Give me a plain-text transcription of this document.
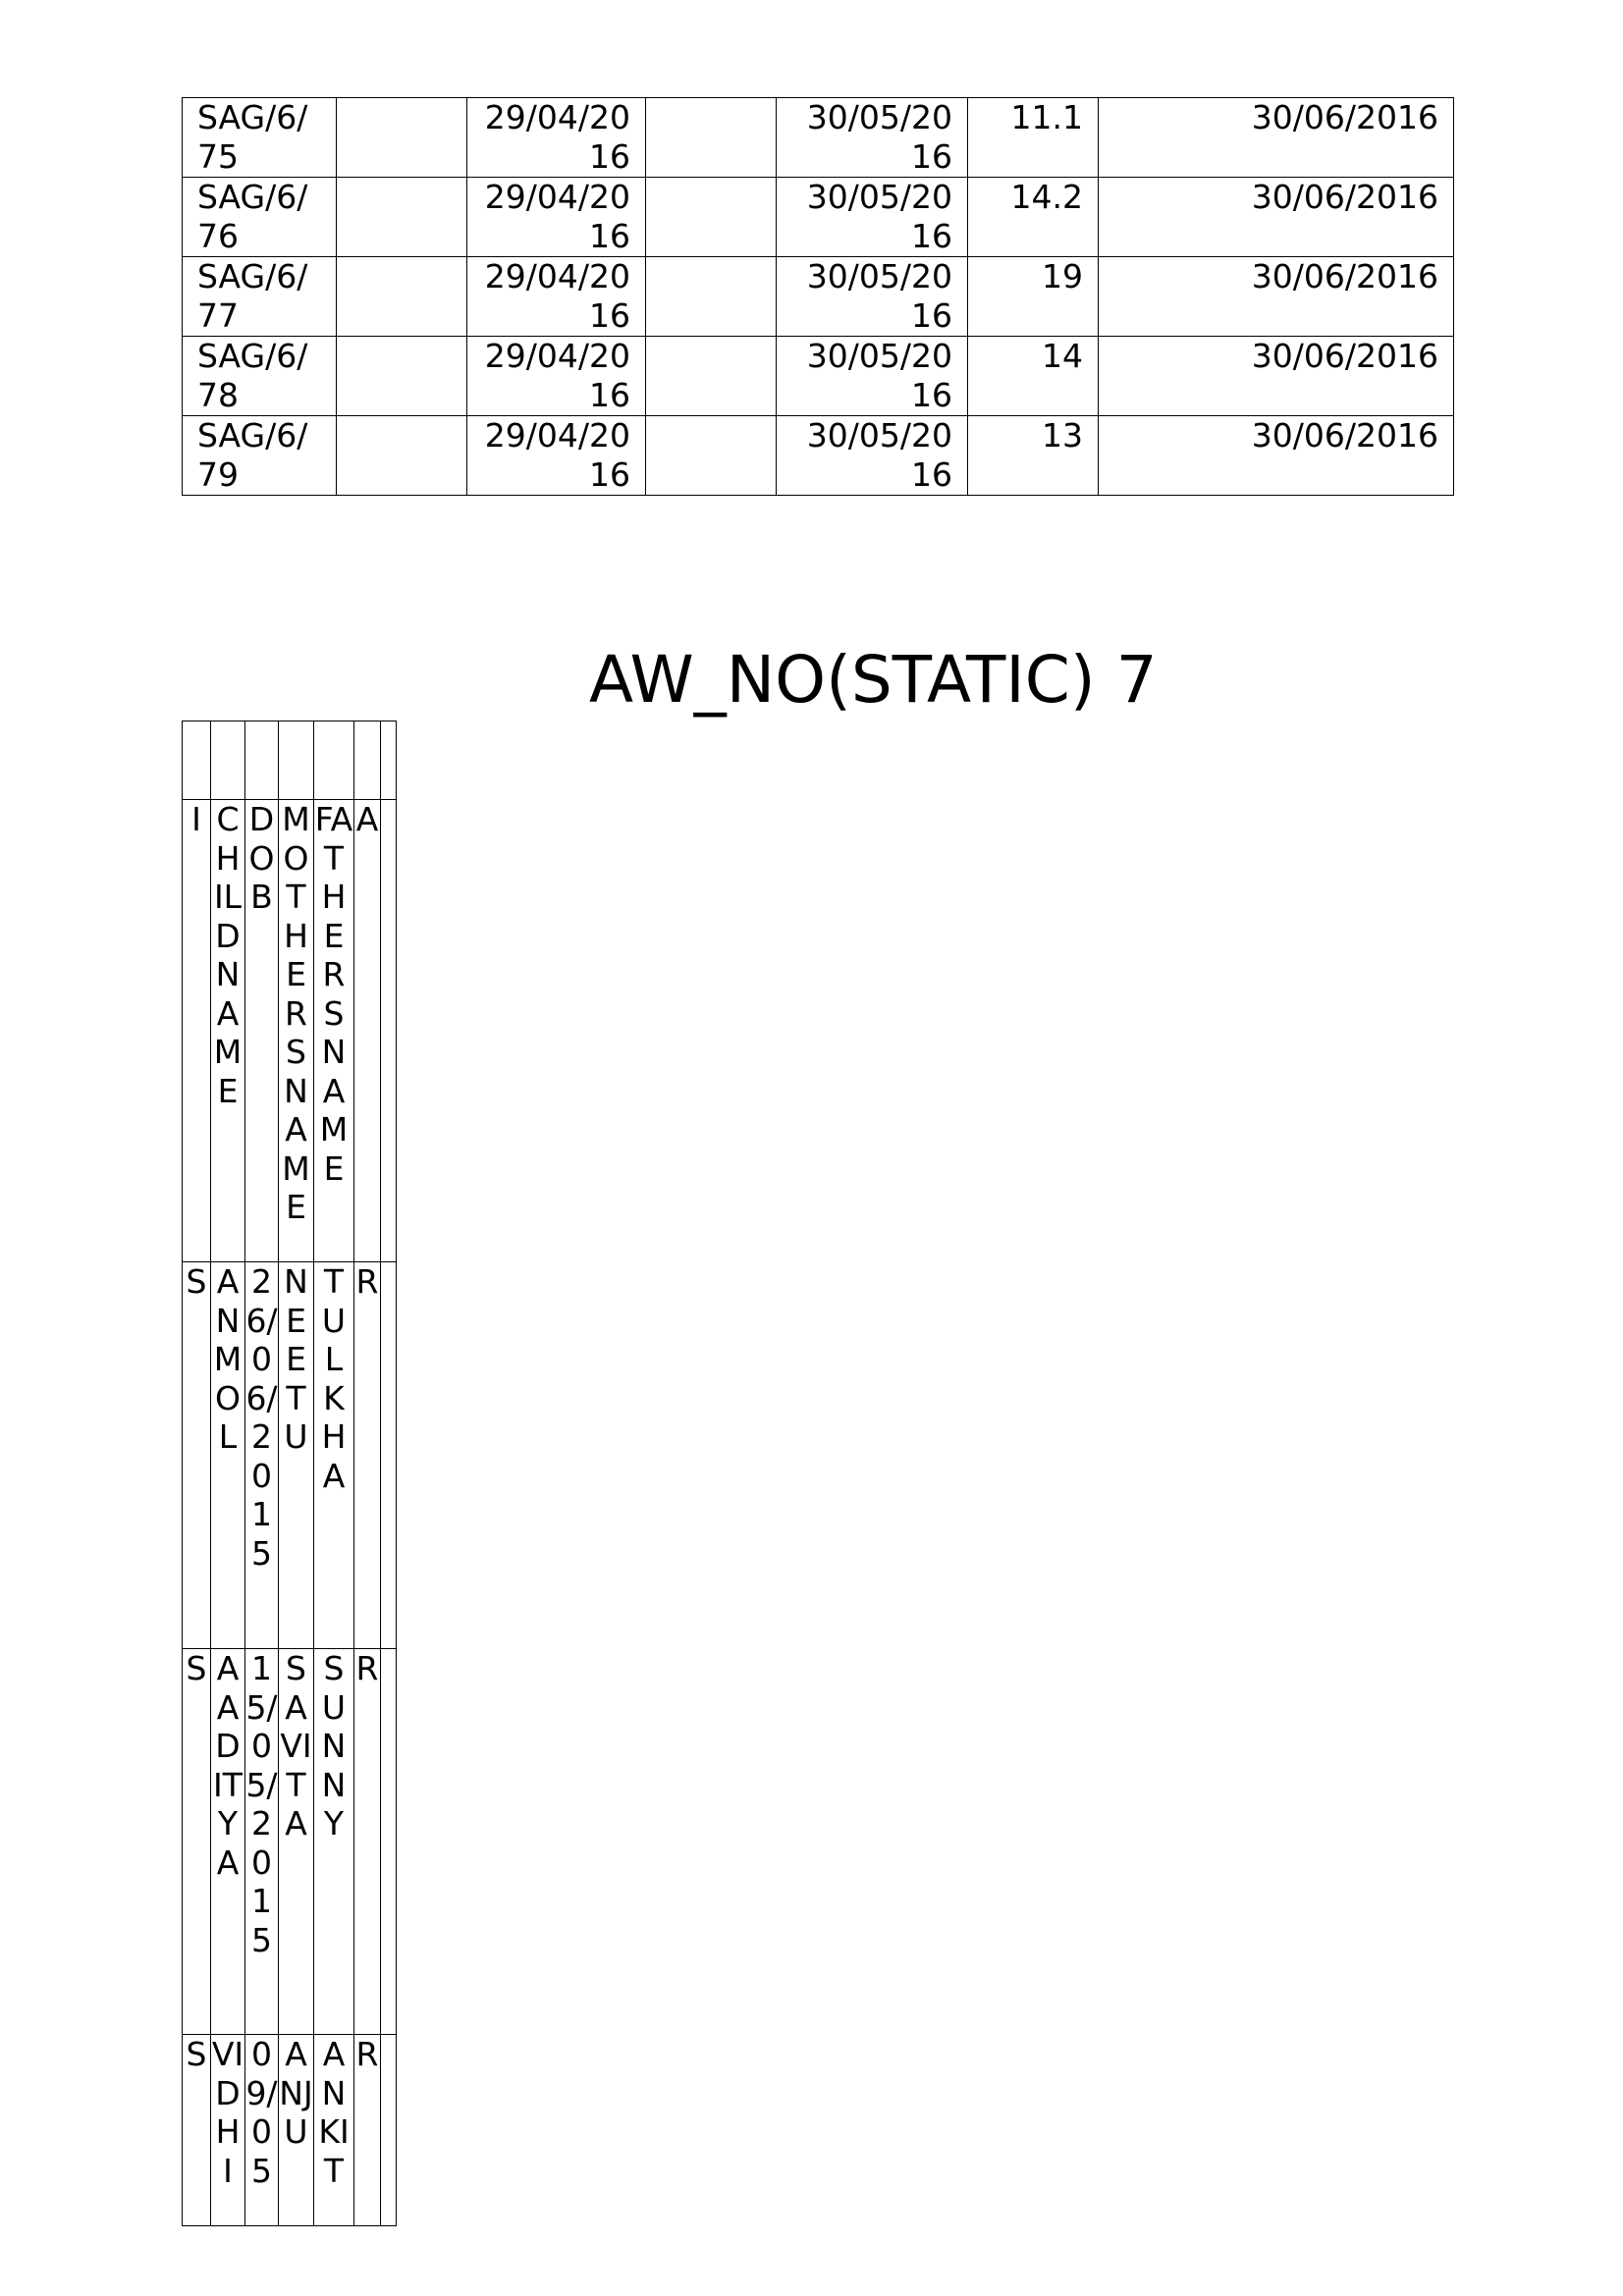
SAG/6/75		29/04/2016		30/05/2016	11.1	30/06/2016
SAG/6/76		29/04/2016		30/05/2016	14.2	30/06/2016
SAG/6/77		29/04/2016		30/05/2016	19	30/06/2016
SAG/6/78		29/04/2016		30/05/2016	14	30/06/2016
SAG/6/79		29/04/2016		30/05/2016	13	30/06/2016
AW_NO(STATIC) 7

I	CHILD NAME	DOB	MOTHERS NAME	FATHERS NAME	A	

S	ANMOL	26/06/2015	NEETU	TULKHA	R	

S	AADITYA	15/05/2015	SAVITA	SUNNY	R	

S	VIDHI	09/05	ANJU	ANKIT	R	
